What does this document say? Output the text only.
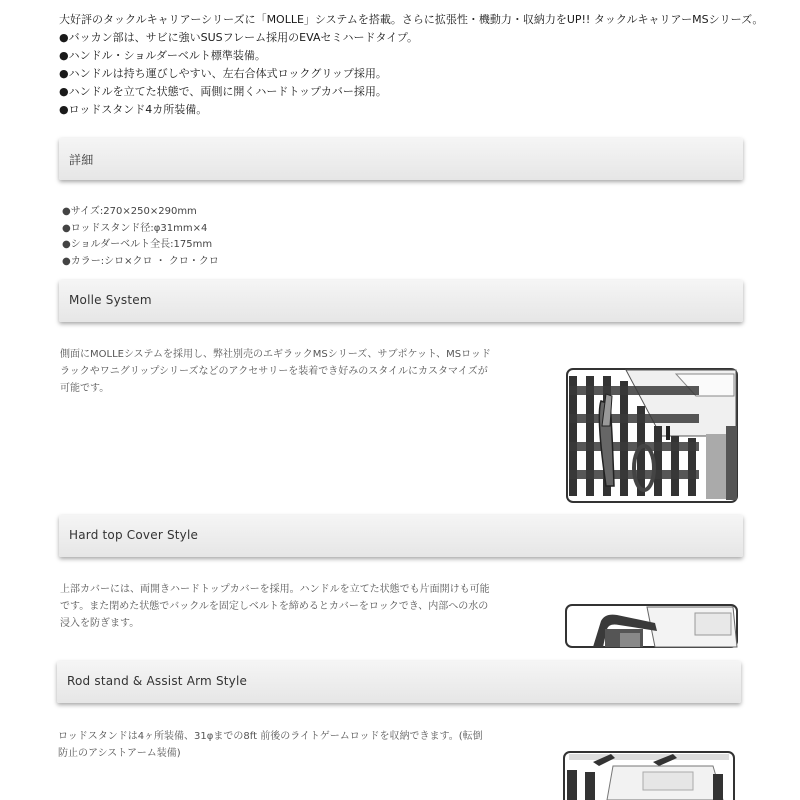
大好評のタックルキャリアーシリーズに「MOLLE」システムを搭載。さらに拡張性・機動力・収納力をUP!! タックルキャリアーMSシリーズ。

●バッカン部は、サビに強いSUSフレーム採用のEVAセミハードタイプ。

●ハンドル・ショルダーベルト標準装備。

●ハンドルは持ち運びしやすい、左右合体式ロックグリップ採用。

●ハンドルを立てた状態で、両側に開くハードトップカバー採用。

●ロッドスタンド4カ所装備。

詳細

●サイズ:270×250×290mm

●ロッドスタンド径:φ31mm×4

●ショルダーベルト全長:175mm

●カラー:シロ×クロ ・ クロ・クロ

Molle System

側面にMOLLEシステムを採用し、弊社別売のエギラックMSシリーズ、サブポケット、MSロッド

ラックやワニグリップシリーズなどのアクセサリーを装着でき好みのスタイルにカスタマイズが

可能です。

Hard top Cover Style

上部カバーには、両開きハードトップカバーを採用。ハンドルを立てた状態でも片面開けも可能

です。また閉めた状態でバックルを固定しベルトを締めるとカバーをロックでき、内部への水の

浸入を防ぎます。

Rod stand & Assist Arm Style

ロッドスタンドは4ヶ所装備、31φまでの8ft 前後のライトゲームロッドを収納できます。(転倒

防止のアシストアーム装備)
